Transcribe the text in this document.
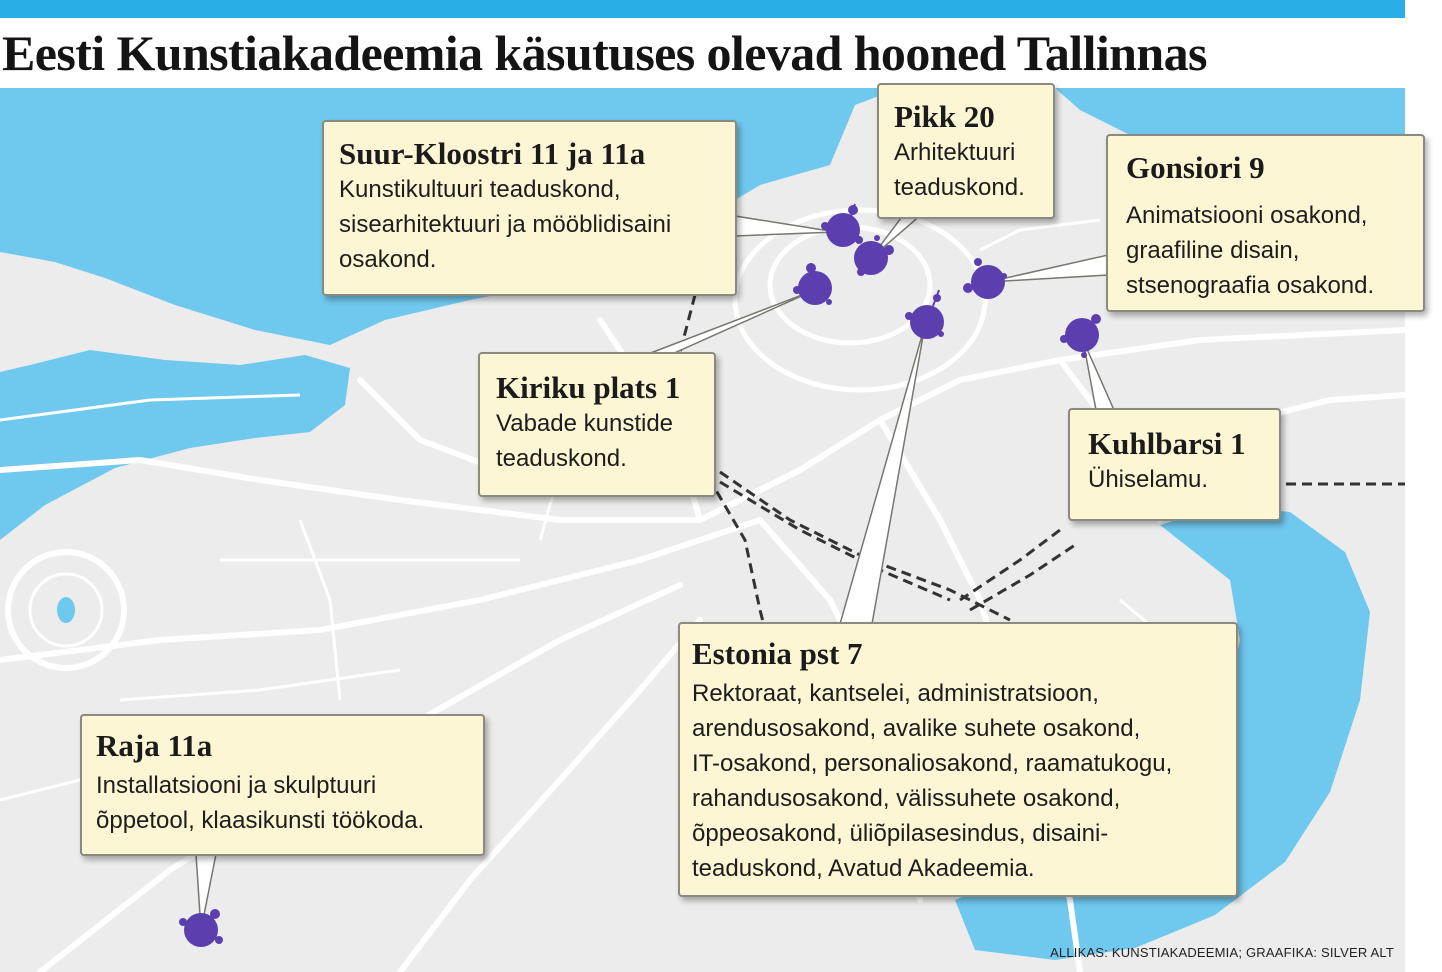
Eesti Kunstiakadeemia käsutuses olevad hooned Tallinnas
Suur-Kloostri 11 ja 11a
Kunstikultuuri teaduskond,
sisearhitektuuri ja mööblidisaini
osakond.
Pikk 20
Arhitektuuri
teaduskond.
Gonsiori 9
Animatsiooni osakond,
graafiline disain,
stsenograafia osakond.
Kiriku plats 1
Vabade kunstide
teaduskond.	Kuhlbarsi 1
Ühiselamu.
Estonia pst 7
Rektoraat, kantselei, administratsioon,
arendusosakond, avalike suhete osakond,
IT-osakond, personaliosakond, raamatukogu,
rahandusosakond, välissuhete osakond,
õppeosakond, üliõpilasesindus, disaini-
teaduskond, Avatud Akadeemia.
Raja 11a
Installatsiooni ja skulptuuri
õppetool, klaasikunsti töökoda.
ALLIKAS: KUNSTIAKADEEMIA; GRAAFIKA: SILVER ALT
